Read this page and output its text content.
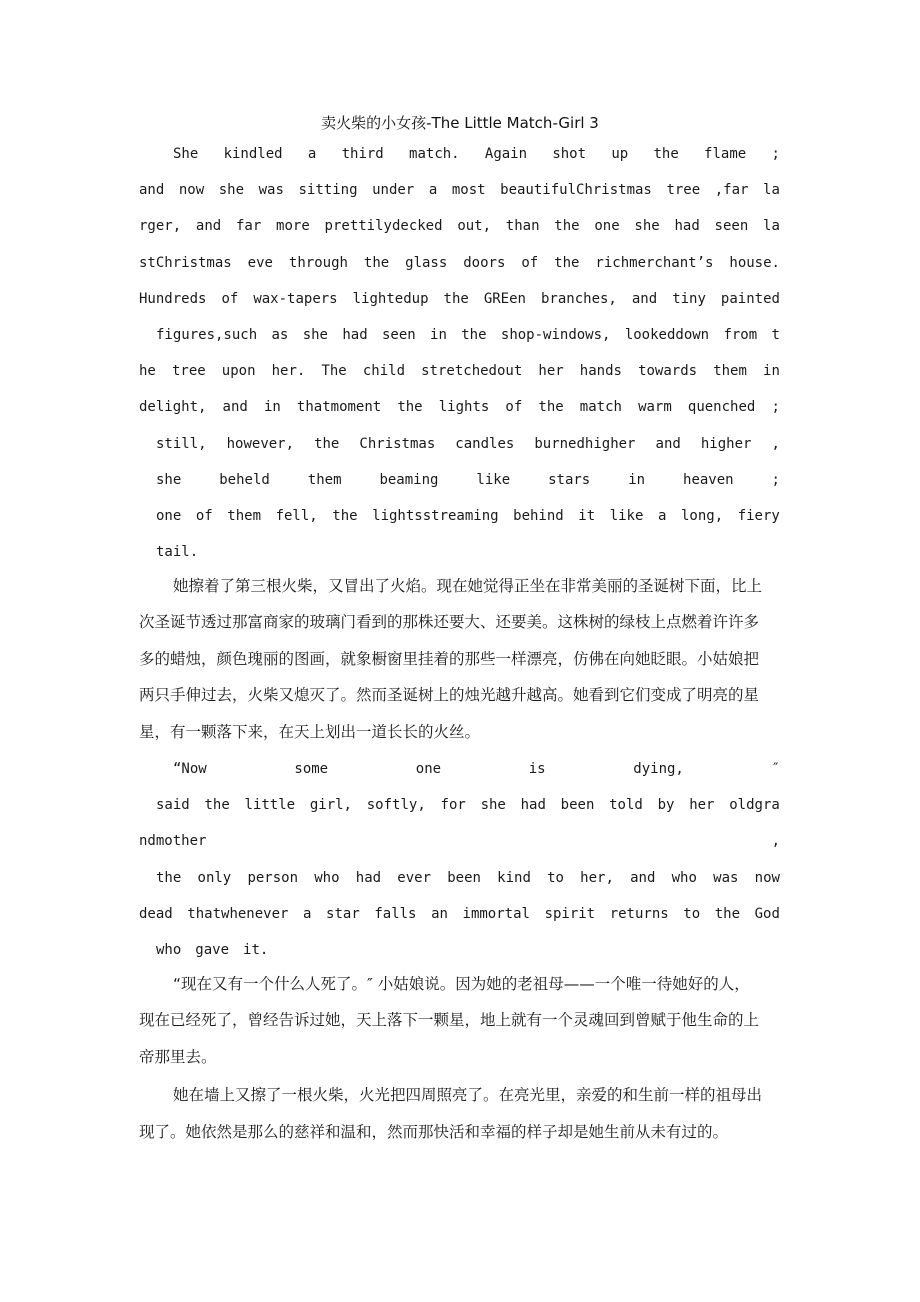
卖火柴的小女孩-The Little Match-Girl 3
She kindled a third match. Again shot up the flame ;
and now she was sitting under a most beautifulChristmas tree ,far la
rger, and far more prettilydecked out, than the one she had seen la
stChristmas eve through the glass doors of the richmerchant’s house.
Hundreds of wax-tapers lightedup the GREen branches, and tiny painted
figures,such as she had seen in the shop-windows, lookeddown from t
he tree upon her. The child stretchedout her hands towards them in
delight, and in thatmoment the lights of the match warm quenched ;
still, however, the Christmas candles burnedhigher and higher ,
she	beheld	them	beaming	like	stars	in	heaven	;
one of them fell, the lightsstreaming behind it like a long, fiery
tail.
她擦着了第三根火柴，又冒出了火焰。现在她觉得正坐在非常美丽的圣诞树下面，比上
次圣诞节透过那富商家的玻璃门看到的那株还要大、还要美。这株树的绿枝上点燃着许许多
多的蜡烛，颜色瑰丽的图画，就象橱窗里挂着的那些一样漂亮，仿佛在向她眨眼。小姑娘把
两只手伸过去，火柴又熄灭了。然而圣诞树上的烛光越升越高。她看到它们变成了明亮的星
星，有一颗落下来，在天上划出一道长长的火丝。
“Now	some	one	is	dying,	″
said the little girl, softly, for she had been told by her oldgra
ndmother	,
the only person who had ever been kind to her, and who was now
dead thatwhenever a star falls an immortal spirit returns to the God
who gave it.
“现在又有一个什么人死了。″ 小姑娘说。因为她的老祖母——一个唯一待她好的人，
现在已经死了，曾经告诉过她，天上落下一颗星，地上就有一个灵魂回到曾赋于他生命的上
帝那里去。
她在墙上又擦了一根火柴，火光把四周照亮了。在亮光里，亲爱的和生前一样的祖母出
现了。她依然是那么的慈祥和温和，然而那快活和幸福的样子却是她生前从未有过的。
